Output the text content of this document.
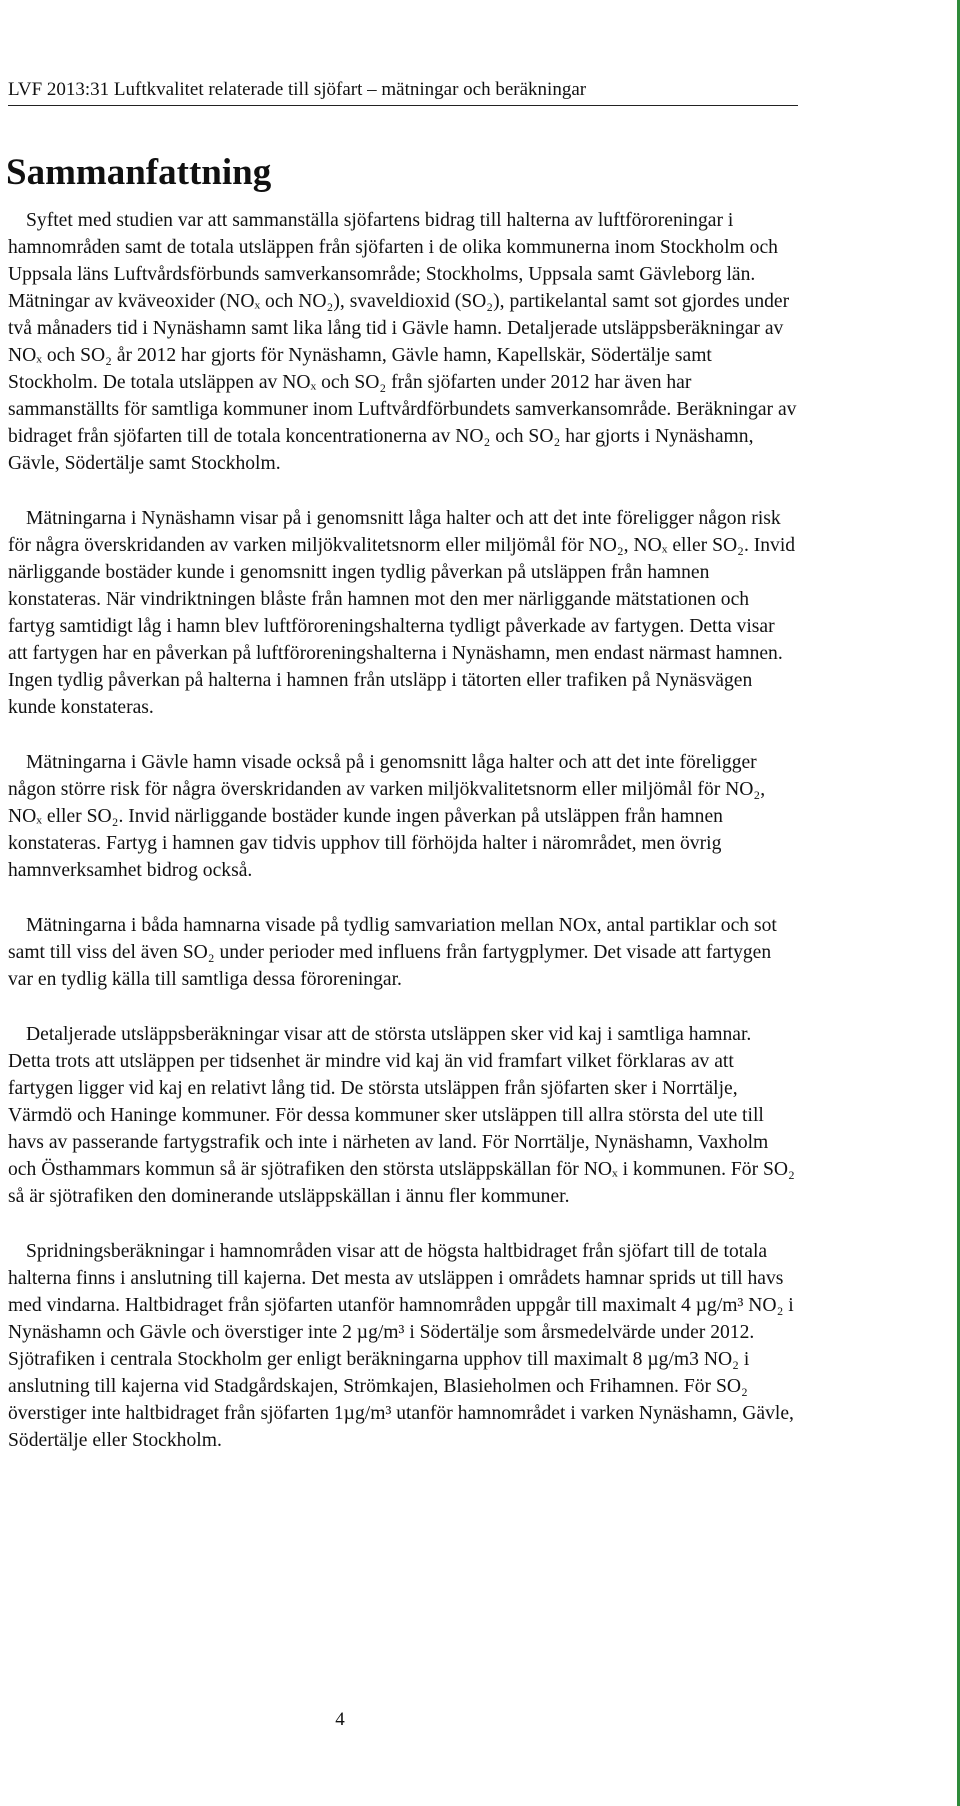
LVF 2013:31 Luftkvalitet relaterade till sjöfart – mätningar och beräkningar
Sammanfattning

Syftet med studien var att sammanställa sjöfartens bidrag till halterna av luftföroreningar i hamnområden samt de totala utsläppen från sjöfarten i de olika kommunerna inom Stockholm och Uppsala läns Luftvårdsförbunds samverkansområde; Stockholms, Uppsala samt Gävleborg län. Mätningar av kväveoxider (NOₓ och NO₂), svaveldioxid (SO₂), partikelantal samt sot gjordes under två månaders tid i Nynäshamn samt lika lång tid i Gävle hamn. Detaljerade utsläppsberäkningar av NOₓ och SO₂ år 2012 har gjorts för Nynäshamn, Gävle hamn, Kapellskär, Södertälje samt Stockholm. De totala utsläppen av NOₓ och SO₂ från sjöfarten under 2012 har även har sammanställts för samtliga kommuner inom Luftvårdförbundets samverkansområde. Beräkningar av bidraget från sjöfarten till de totala koncentrationerna av NO₂ och SO₂ har gjorts i Nynäshamn, Gävle, Södertälje samt Stockholm.

Mätningarna i Nynäshamn visar på i genomsnitt låga halter och att det inte föreligger någon risk för några överskridanden av varken miljökvalitetsnorm eller miljömål för NO₂, NOₓ eller SO₂. Invid närliggande bostäder kunde i genomsnitt ingen tydlig påverkan på utsläppen från hamnen konstateras. När vindriktningen blåste från hamnen mot den mer närliggande mätstationen och fartyg samtidigt låg i hamn blev luftföroreningshalterna tydligt påverkade av fartygen. Detta visar att fartygen har en påverkan på luftföroreningshalterna i Nynäshamn, men endast närmast hamnen. Ingen tydlig påverkan på halterna i hamnen från utsläpp i tätorten eller trafiken på Nynäsvägen kunde konstateras.

Mätningarna i Gävle hamn visade också på i genomsnitt låga halter och att det inte föreligger någon större risk för några överskridanden av varken miljökvalitetsnorm eller miljömål för NO₂, NOₓ eller SO₂. Invid närliggande bostäder kunde ingen påverkan på utsläppen från hamnen konstateras. Fartyg i hamnen gav tidvis upphov till förhöjda halter i närområdet, men övrig hamnverksamhet bidrog också.

Mätningarna i båda hamnarna visade på tydlig samvariation mellan NOx, antal partiklar och sot samt till viss del även SO₂ under perioder med influens från fartygplymer. Det visade att fartygen var en tydlig källa till samtliga dessa föroreningar.

Detaljerade utsläppsberäkningar visar att de största utsläppen sker vid kaj i samtliga hamnar. Detta trots att utsläppen per tidsenhet är mindre vid kaj än vid framfart vilket förklaras av att fartygen ligger vid kaj en relativt lång tid. De största utsläppen från sjöfarten sker i Norrtälje, Värmdö och Haninge kommuner. För dessa kommuner sker utsläppen till allra största del ute till havs av passerande fartygstrafik och inte i närheten av land. För Norrtälje, Nynäshamn, Vaxholm och Östhammars kommun så är sjötrafiken den största utsläppskällan för NOₓ i kommunen. För SO₂ så är sjötrafiken den dominerande utsläppskällan i ännu fler kommuner.

Spridningsberäkningar i hamnområden visar att de högsta haltbidraget från sjöfart till de totala halterna finns i anslutning till kajerna. Det mesta av utsläppen i områdets hamnar sprids ut till havs med vindarna. Haltbidraget från sjöfarten utanför hamnområden uppgår till maximalt 4 µg/m³ NO₂ i Nynäshamn och Gävle och överstiger inte 2 µg/m³ i Södertälje som årsmedelvärde under 2012. Sjötrafiken i centrala Stockholm ger enligt beräkningarna upphov till maximalt 8 µg/m3 NO₂ i anslutning till kajerna vid Stadgårdskajen, Strömkajen, Blasieholmen och Frihamnen. För SO₂ överstiger inte haltbidraget från sjöfarten 1µg/m³ utanför hamnområdet i varken Nynäshamn, Gävle, Södertälje eller Stockholm.

4
